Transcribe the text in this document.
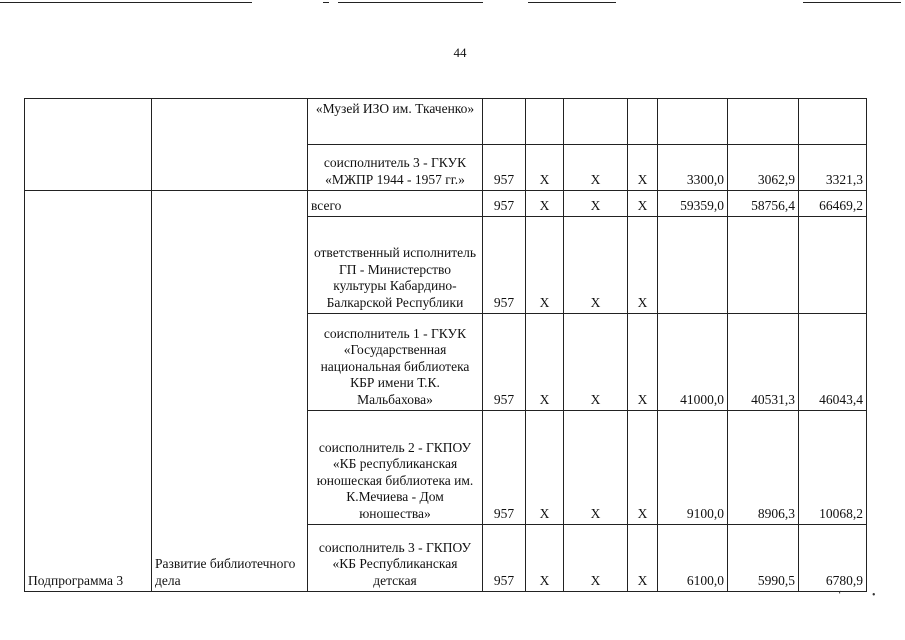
44
		«Музей ИЗО им. Ткаченко»							
		соисполнитель 3 - ГКУК «МЖПР 1944 - 1957 гг.»	957	Х	Х	Х	3300,0	3062,9	3321,3
Подпрограмма 3	Развитие библиотечного дела	всего	957	Х	Х	Х	59359,0	58756,4	66469,2
		ответственный исполнитель ГП - Министерство культуры Кабардино-Балкарской Республики	957	Х	Х	Х			
		соисполнитель 1 - ГКУК «Государственная национальная библиотека КБР имени Т.К. Мальбахова»	957	Х	Х	Х	41000,0	40531,3	46043,4
		соисполнитель 2 - ГКПОУ «КБ республиканская юношеская библиотека им. К.Мечиева - Дом юношества»	957	Х	Х	Х	9100,0	8906,3	10068,2
		соисполнитель 3 - ГКПОУ «КБ Республиканская детская	957	Х	Х	Х	6100,0	5990,5	6780,9
‘	•
